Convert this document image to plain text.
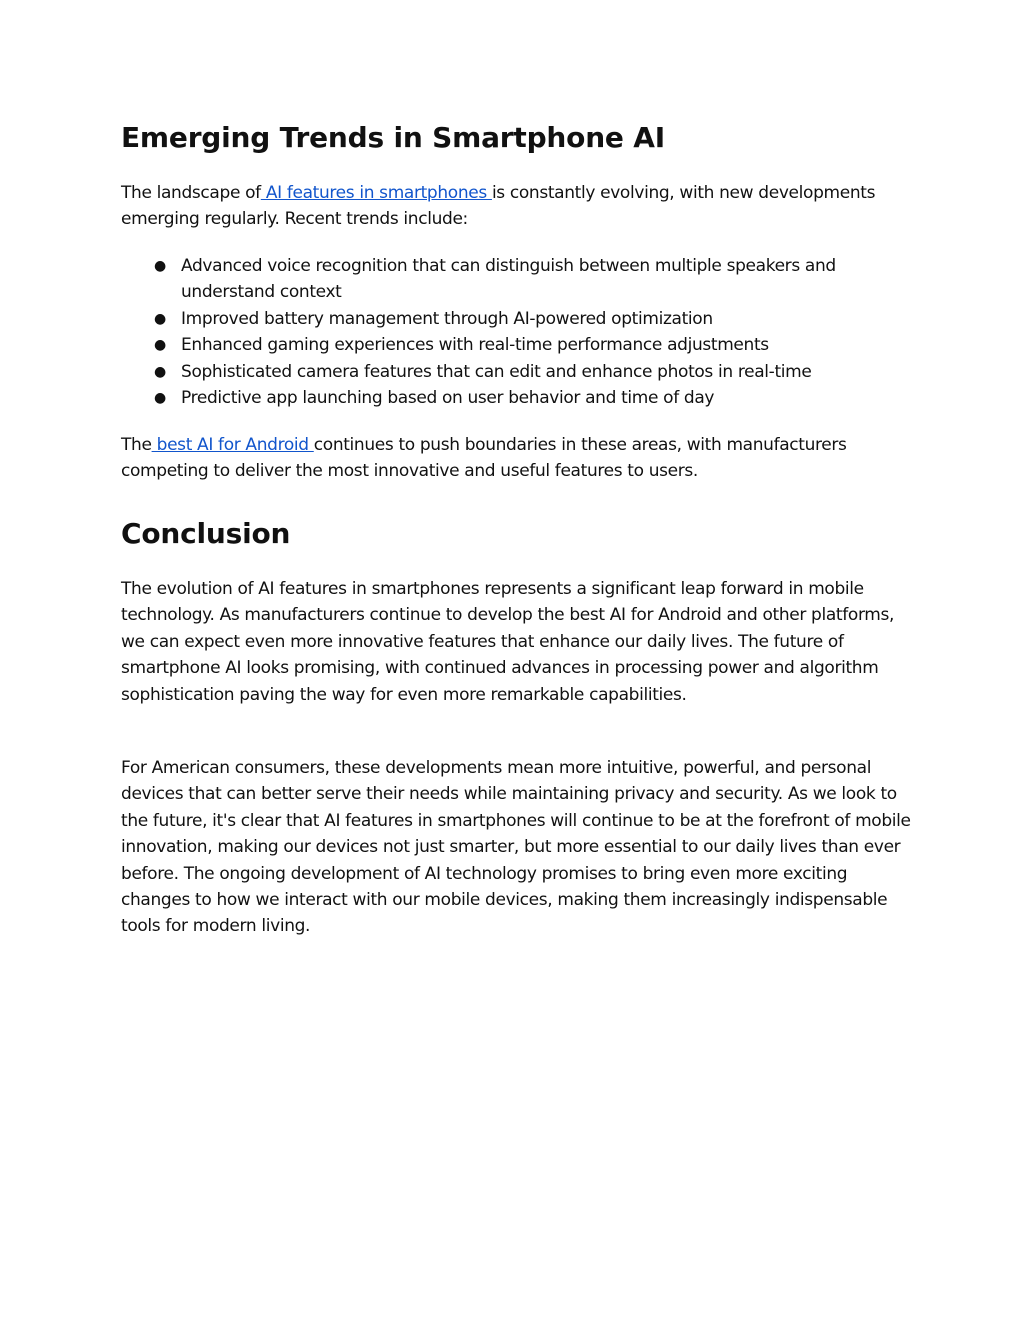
Emerging Trends in Smartphone AI

The landscape of AI features in smartphones is constantly evolving, with new developments emerging regularly. Recent trends include:

● Advanced voice recognition that can distinguish between multiple speakers and understand context
● Improved battery management through AI-powered optimization
● Enhanced gaming experiences with real-time performance adjustments
● Sophisticated camera features that can edit and enhance photos in real-time
● Predictive app launching based on user behavior and time of day

The best AI for Android continues to push boundaries in these areas, with manufacturers competing to deliver the most innovative and useful features to users.

Conclusion

The evolution of AI features in smartphones represents a significant leap forward in mobile technology. As manufacturers continue to develop the best AI for Android and other platforms, we can expect even more innovative features that enhance our daily lives. The future of smartphone AI looks promising, with continued advances in processing power and algorithm sophistication paving the way for even more remarkable capabilities.

For American consumers, these developments mean more intuitive, powerful, and personal devices that can better serve their needs while maintaining privacy and security. As we look to the future, it's clear that AI features in smartphones will continue to be at the forefront of mobile innovation, making our devices not just smarter, but more essential to our daily lives than ever before. The ongoing development of AI technology promises to bring even more exciting changes to how we interact with our mobile devices, making them increasingly indispensable tools for modern living.
